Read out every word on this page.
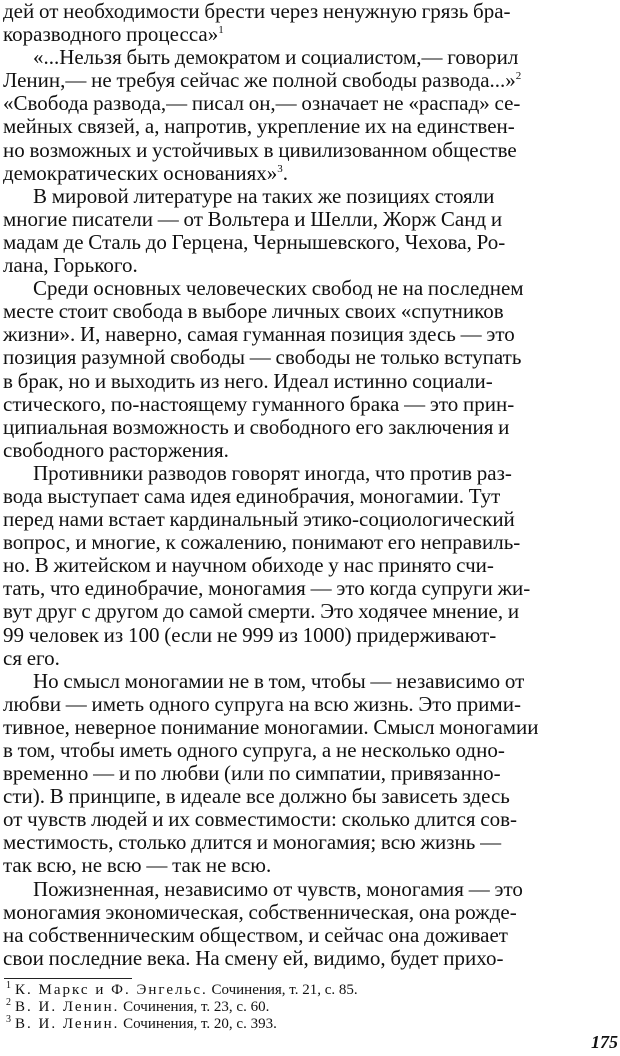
дей от необходимости брести через ненужную грязь бра-
коразводного процесса»$^1$

«...Нельзя быть демократом и социалистом,— говорил
Ленин,— не требуя сейчас же полной свободы развода...»$^2$
«Свобода развода,— писал он,— означает не «распад» се-
мейных связей, а, напротив, укрепление их на единствен-
но возможных и устойчивых в цивилизованном обществе
демократических основаниях»$^3$.

В мировой литературе на таких же позициях стояли
многие писатели — от Вольтера и Шелли, Жорж Санд и
мадам де Сталь до Герцена, Чернышевского, Чехова, Ро-
лана, Горького.

Среди основных человеческих свобод не на последнем
месте стоит свобода в выборе личных своих «спутников
жизни». И, наверно, самая гуманная позиция здесь — это
позиция разумной свободы — свободы не только вступать
в брак, но и выходить из него. Идеал истинно социали-
стического, по-настоящему гуманного брака — это прин-
ципиальная возможность и свободного его заключения и
свободного расторжения.

Противники разводов говорят иногда, что против раз-
вода выступает сама идея единобрачия, моногамии. Тут
перед нами встает кардинальный этико-социологический
вопрос, и многие, к сожалению, понимают его неправиль-
но. В житейском и научном обиходе у нас принято счи-
тать, что единобрачие, моногамия — это когда супруги жи-
вут друг с другом до самой смерти. Это ходячее мнение, и
99 человек из 100 (если не 999 из 1000) придерживают-
ся его.

Но смысл моногамии не в том, чтобы — независимо от
любви — иметь одного супруга на всю жизнь. Это прими-
тивное, неверное понимание моногамии. Смысл моногамии
в том, чтобы иметь одного супруга, а не несколько одно-
временно — и по любви (или по симпатии, привязанно-
сти). В принципе, в идеале все должно бы зависеть здесь
от чувств людей и их совместимости: сколько длится сов-
местимость, столько длится и моногамия; всю жизнь —
так всю, не всю — так не всю.

Пожизненная, независимо от чувств, моногамия — это
моногамия экономическая, собственническая, она рожде-
на собственническим обществом, и сейчас она доживает
свои последние века. На смену ей, видимо, будет прихо-

$^1$ К. Маркс и Ф. Энгельс. Сочинения, т. 21, с. 85.
$^2$ В. И. Ленин. Сочинения, т. 23, с. 60.
$^3$ В. И. Ленин. Сочинения, т. 20, с. 393.
175
